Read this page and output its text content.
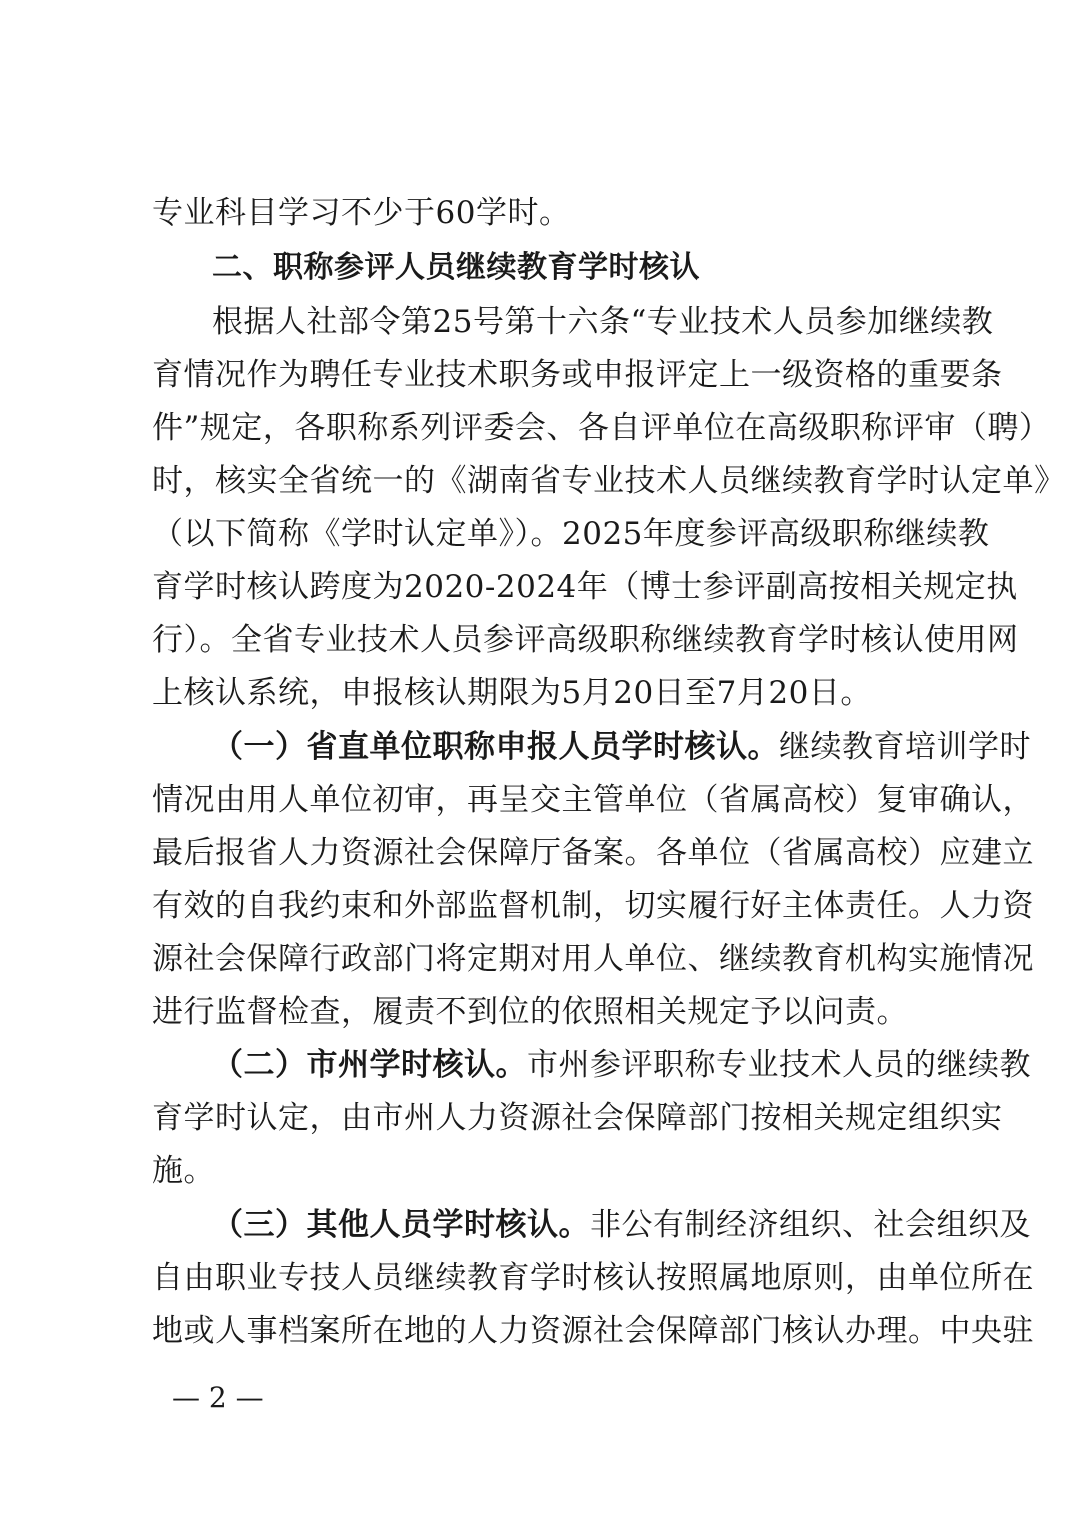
专业科目学习不少于60学时。
二、职称参评人员继续教育学时核认
根据人社部令第25号第十六条“专业技术人员参加继续教
育情况作为聘任专业技术职务或申报评定上一级资格的重要条
件”规定，各职称系列评委会、各自评单位在高级职称评审（聘）
时，核实全省统一的《湖南省专业技术人员继续教育学时认定单》
（以下简称《学时认定单》）。2025年度参评高级职称继续教
育学时核认跨度为2020-2024年（博士参评副高按相关规定执
行）。全省专业技术人员参评高级职称继续教育学时核认使用网
上核认系统，申报核认期限为5月20日至7月20日。
（一）省直单位职称申报人员学时核认。继续教育培训学时
情况由用人单位初审，再呈交主管单位（省属高校）复审确认，
最后报省人力资源社会保障厅备案。各单位（省属高校）应建立
有效的自我约束和外部监督机制，切实履行好主体责任。人力资
源社会保障行政部门将定期对用人单位、继续教育机构实施情况
进行监督检查，履责不到位的依照相关规定予以问责。
（二）市州学时核认。市州参评职称专业技术人员的继续教
育学时认定，由市州人力资源社会保障部门按相关规定组织实
施。
（三）其他人员学时核认。非公有制经济组织、社会组织及
自由职业专技人员继续教育学时核认按照属地原则，由单位所在
地或人事档案所在地的人力资源社会保障部门核认办理。中央驻
— 2 —
